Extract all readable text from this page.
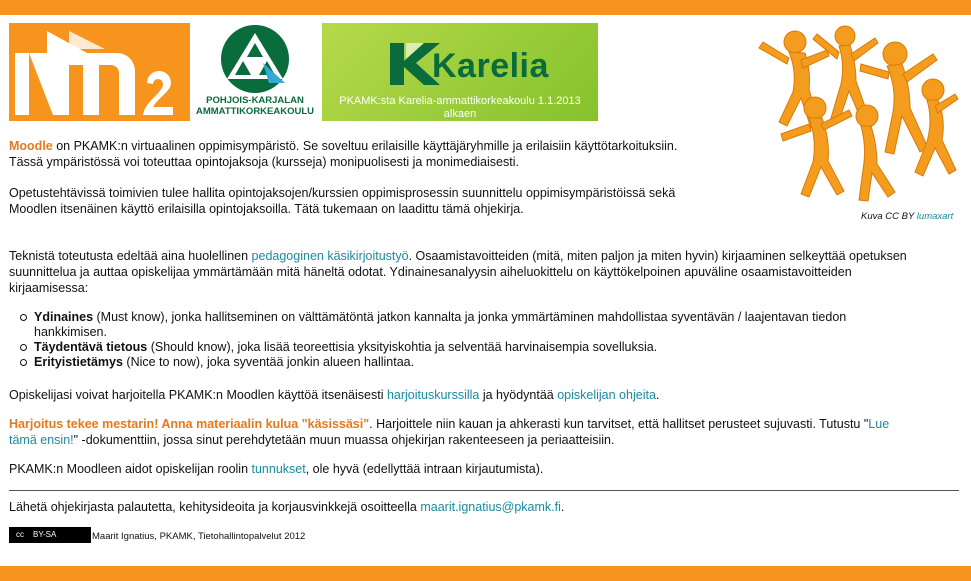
POHJOIS-KARJALAN AMMATTIKORKEAKOULU
Karelia
PKAMK:sta Karelia-ammattikorkeakoulu 1.1.2013 alkaen
Kuva CC BY lumaxart

Moodle on PKAMK:n virtuaalinen oppimisympäristö. Se soveltuu erilaisille käyttäjäryhmille ja erilaisiin käyttötarkoituksiin.

Tässä ympäristössä voi toteuttaa opintojaksoja (kursseja) monipuolisesti ja monimediaisesti.

Opetustehtävissä toimivien tulee hallita opintojaksojen/kurssien oppimisprosessin suunnittelu oppimisympäristöissä sekä

Moodlen itsenäinen käyttö erilaisilla opintojaksoilla. Tätä tukemaan on laadittu tämä ohjekirja.

Teknistä toteutusta edeltää aina huolellinen pedagoginen käsikirjoitustyö. Osaamistavoitteiden (mitä, miten paljon ja miten hyvin) kirjaaminen selkeyttää opetuksen

suunnittelua ja auttaa opiskelijaa ymmärtämään mitä häneltä odotat. Ydinainesanalyysin aiheluokittelu on käyttökelpoinen apuväline osaamistavoitteiden

kirjaamisessa:

Ydinaines (Must know), jonka hallitseminen on välttämätöntä jatkon kannalta ja jonka ymmärtäminen mahdollistaa syventävän / laajentavan tiedon
hankkimisen.
Täydentävä tietous (Should know), joka lisää teoreettisia yksityiskohtia ja selventää harvinaisempia sovelluksia.
Erityistietämys (Nice to now), joka syventää jonkin alueen hallintaa.

Opiskelijasi voivat harjoitella PKAMK:n Moodlen käyttöä itsenäisesti harjoituskurssilla ja hyödyntää opiskelijan ohjeita.

Harjoitus tekee mestarin! Anna materiaalin kulua "käsissäsi". Harjoittele niin kauan ja ahkerasti kun tarvitset, että hallitset perusteet sujuvasti. Tutustu "Lue

tämä ensin!" -dokumenttiin, jossa sinut perehdytetään muun muassa ohjekirjan rakenteeseen ja periaatteisiin.

PKAMK:n Moodleen aidot opiskelijan roolin tunnukset, ole hyvä (edellyttää intraan kirjautumista).

Lähetä ohjekirjasta palautetta, kehitysideoita ja korjausvinkkejä osoitteella maarit.ignatius@pkamk.fi.

cc BY-SA	Maarit Ignatius, PKAMK, Tietohallintopalvelut 2012
